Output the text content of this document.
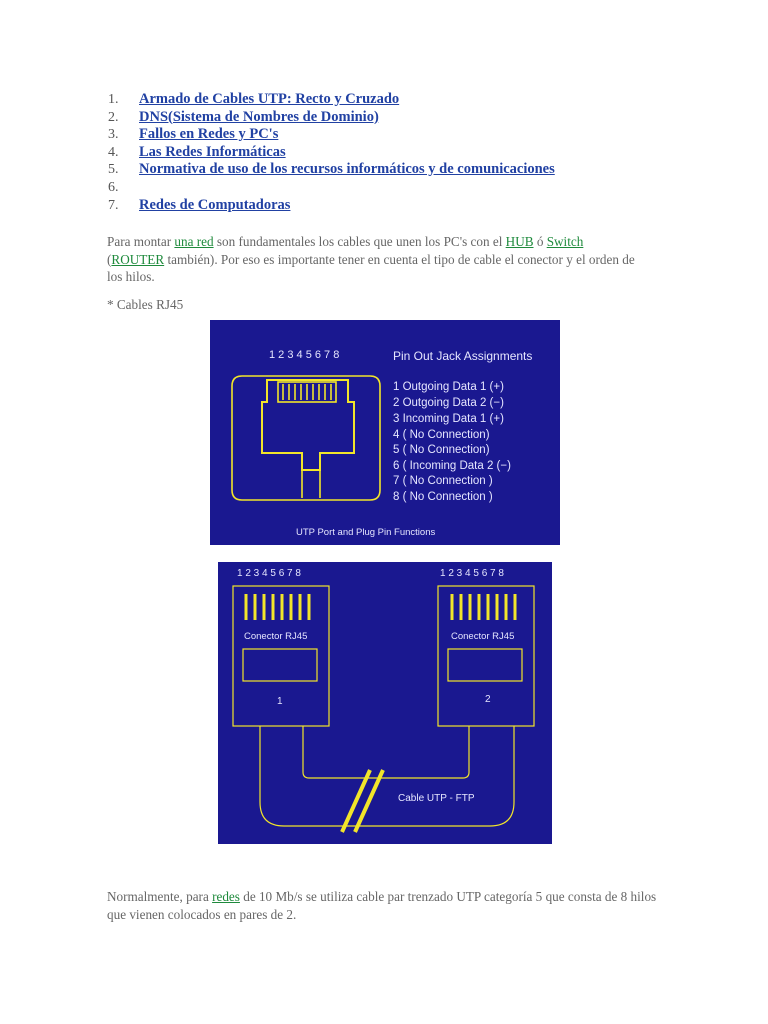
1.	Armado de Cables UTP: Recto y Cruzado
2.	DNS(Sistema de Nombres de Dominio)
3.	Fallos en Redes y PC's
4.	Las Redes Informáticas
5.	Normativa de uso de los recursos informáticos y de comunicaciones
6.
7.	Redes de Computadoras

Para montar una red son fundamentales los cables que unen los PC's con el HUB ó Switch
(ROUTER también). Por eso es importante tener en cuenta el tipo de cable el conector y el orden de los hilos.

* Cables RJ45

1 2 3 4 5 6 7 8	Pin Out Jack Assignments
1 Outgoing Data 1 (+)
2 Outgoing Data 2 (−)
3 Incoming Data 1 (+)
4 ( No Connection)
5 ( No Connection)
6 ( Incoming Data 2 (−)
7 ( No Connection )
8 ( No Connection )
UTP Port and Plug Pin Functions
1 2 3 4 5 6 7 8	1 2 3 4 5 6 7 8
Conector RJ45	Conector RJ45
1	2
Cable UTP - FTP

Normalmente, para redes de 10 Mb/s se utiliza cable par trenzado UTP categoría 5 que consta de 8 hilos que vienen colocados en pares de 2.
